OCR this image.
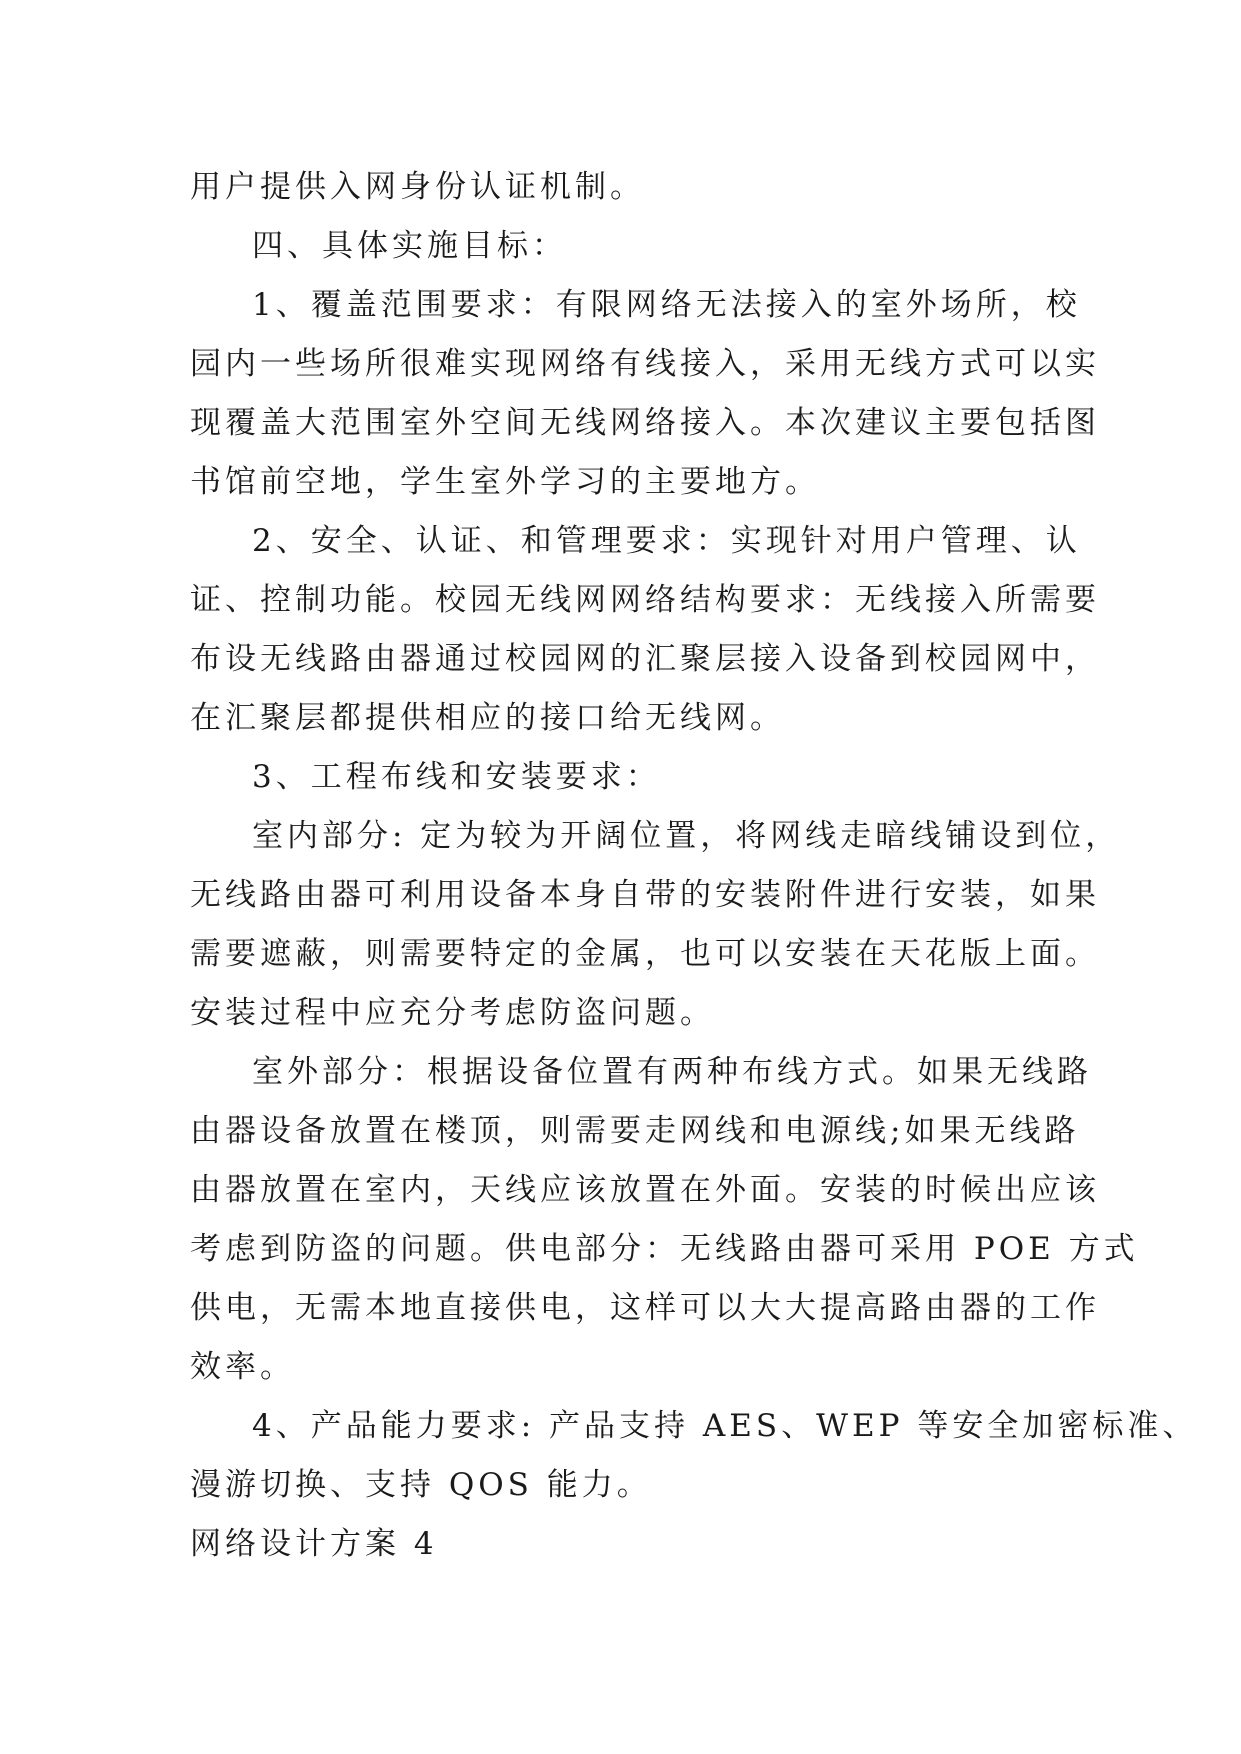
用户提供入网身份认证机制。
四、具体实施目标：
1、覆盖范围要求：有限网络无法接入的室外场所，校
园内一些场所很难实现网络有线接入，采用无线方式可以实
现覆盖大范围室外空间无线网络接入。本次建议主要包括图
书馆前空地，学生室外学习的主要地方。
2、安全、认证、和管理要求：实现针对用户管理、认
证、控制功能。校园无线网网络结构要求：无线接入所需要
布设无线路由器通过校园网的汇聚层接入设备到校园网中，
在汇聚层都提供相应的接口给无线网。
3、工程布线和安装要求：
室内部分: 定为较为开阔位置，将网线走暗线铺设到位，
无线路由器可利用设备本身自带的安装附件进行安装，如果
需要遮蔽，则需要特定的金属，也可以安装在天花版上面。
安装过程中应充分考虑防盗问题。
室外部分：根据设备位置有两种布线方式。如果无线路
由器设备放置在楼顶，则需要走网线和电源线;如果无线路
由器放置在室内，天线应该放置在外面。安装的时候出应该
考虑到防盗的问题。供电部分：无线路由器可采用 POE 方式
供电，无需本地直接供电，这样可以大大提高路由器的工作
效率。
4、产品能力要求: 产品支持 AES、WEP 等安全加密标准、
漫游切换、支持 QOS 能力。
网络设计方案 4
